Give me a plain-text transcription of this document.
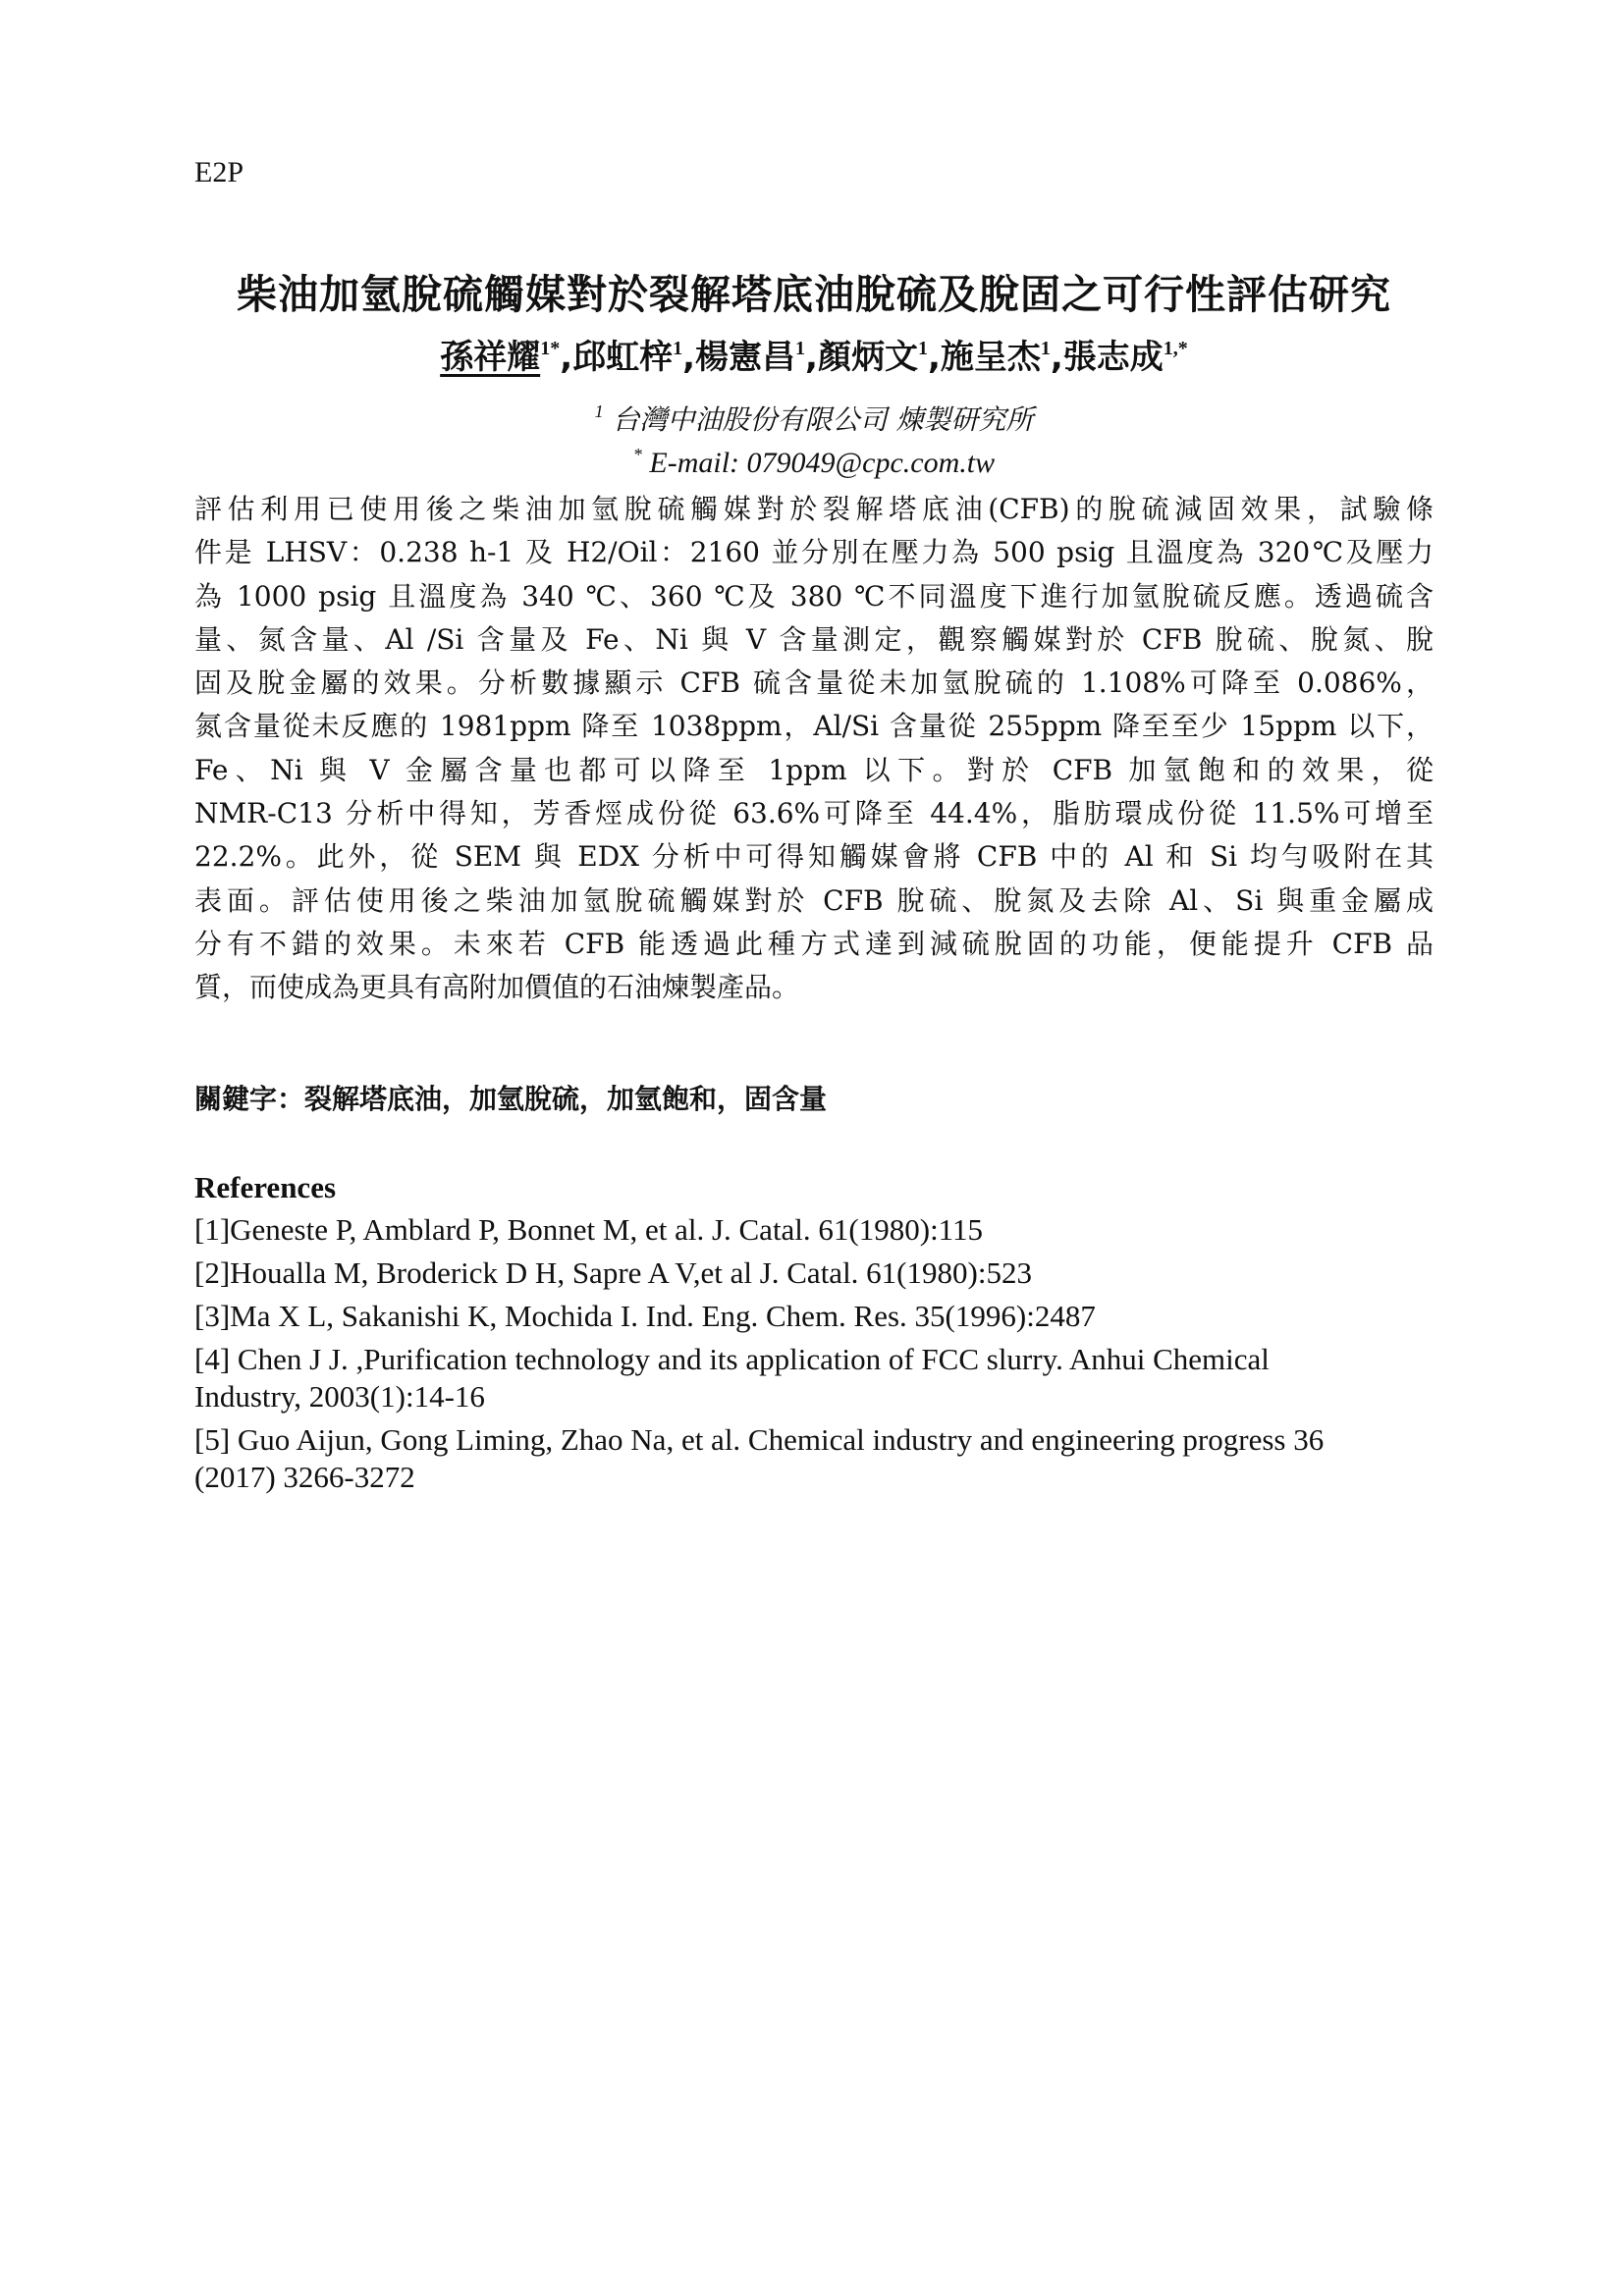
E2P
柴油加氫脫硫觸媒對於裂解塔底油脫硫及脫固之可行性評估研究
孫祥耀$^{1*}$,邱虹梓$^1$,楊憲昌$^1$,顏炳文$^1$,施呈杰$^1$,張志成$^{1,*}$
$^1$ 台灣中油股份有限公司 煉製研究所
* E-mail: 079049@cpc.com.tw
評估利用已使用後之柴油加氫脫硫觸媒對於裂解塔底油(CFB)的脫硫減固效果，試驗條
件是 LHSV：0.238 h-1 及 H2/Oil：2160 並分別在壓力為 500 psig 且溫度為 320℃及壓力
為 1000 psig 且溫度為 340 ℃、360 ℃及 380 ℃不同溫度下進行加氫脫硫反應。透過硫含
量、氮含量、Al /Si 含量及 Fe、Ni 與 V 含量測定，觀察觸媒對於 CFB 脫硫、脫氮、脫
固及脫金屬的效果。分析數據顯示 CFB 硫含量從未加氫脫硫的 1.108%可降至 0.086%，
氮含量從未反應的 1981ppm 降至 1038ppm，Al/Si 含量從 255ppm 降至至少 15ppm 以下，
Fe、Ni 與 V 金屬含量也都可以降至 1ppm 以下。對於 CFB 加氫飽和的效果，從
NMR-C13 分析中得知，芳香烴成份從 63.6%可降至 44.4%，脂肪環成份從 11.5%可增至
22.2%。此外，從 SEM 與 EDX 分析中可得知觸媒會將 CFB 中的 Al 和 Si 均勻吸附在其
表面。評估使用後之柴油加氫脫硫觸媒對於 CFB 脫硫、脫氮及去除 Al、Si 與重金屬成
分有不錯的效果。未來若 CFB 能透過此種方式達到減硫脫固的功能，便能提升 CFB 品
質，而使成為更具有高附加價值的石油煉製產品。
關鍵字：裂解塔底油，加氫脫硫，加氫飽和，固含量
References
[1]Geneste P, Amblard P, Bonnet M, et al. J. Catal. 61(1980):115
[2]Houalla M, Broderick D H, Sapre A V,et al J. Catal. 61(1980):523
[3]Ma X L, Sakanishi K, Mochida I. Ind. Eng. Chem. Res. 35(1996):2487
[4] Chen J J. ,Purification technology and its application of FCC slurry. Anhui Chemical
Industry, 2003(1):14-16
[5] Guo Aijun, Gong Liming, Zhao Na, et al. Chemical industry and engineering progress 36
(2017) 3266-3272
